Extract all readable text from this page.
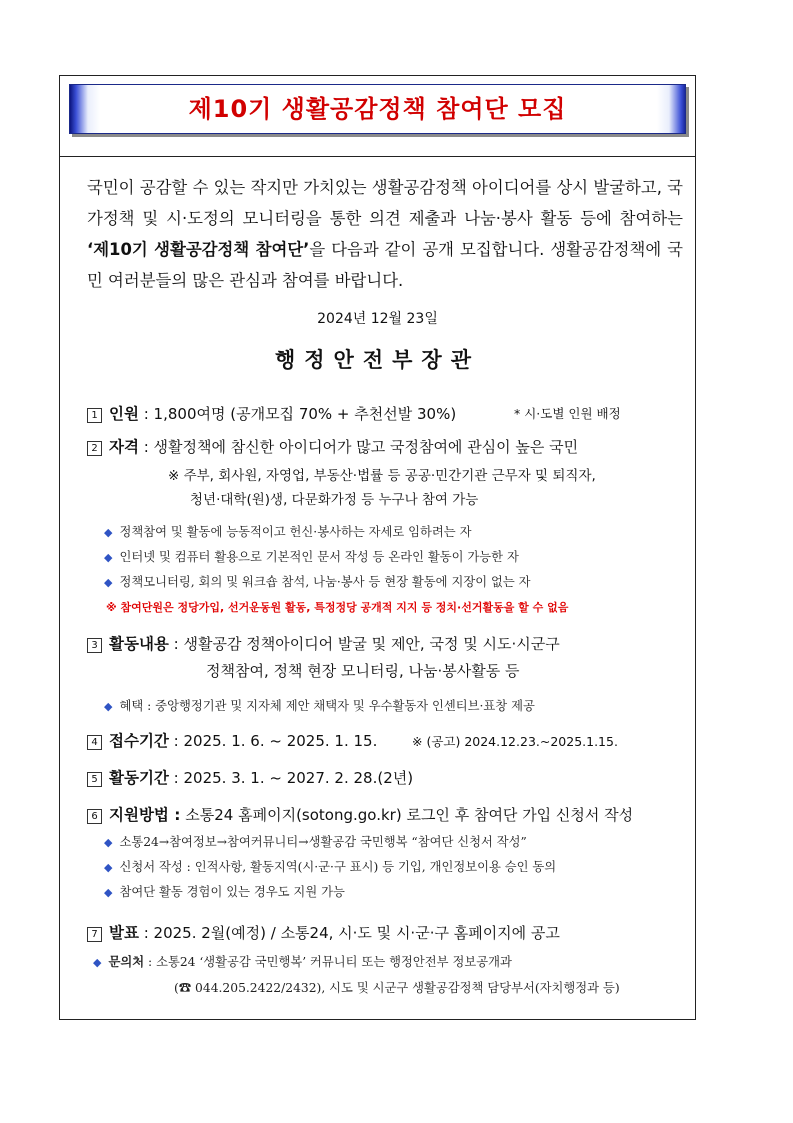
제10기 생활공감정책 참여단 모집
국민이 공감할 수 있는 작지만 가치있는 생활공감정책 아이디어를 상시 발굴하고, 국가정책 및 시·도정의 모니터링을 통한 의견 제출과 나눔·봉사 활동 등에 참여하는 ‘제10기 생활공감정책 참여단’을 다음과 같이 공개 모집합니다. 생활공감정책에 국민 여러분들의 많은 관심과 참여를 바랍니다.
2024년 12월 23일
행정안전부장관
1 인원 : 1,800여명 (공개모집 70% + 추천선발 30%)	* 시·도별 인원 배정
2 자격 : 생활정책에 참신한 아이디어가 많고 국정참여에 관심이 높은 국민
※ 주부, 회사원, 자영업, 부동산·법률 등 공공·민간기관 근무자 및 퇴직자,
청년·대학(원)생, 다문화가정 등 누구나 참여 가능
◆ 정책참여 및 활동에 능동적이고 헌신·봉사하는 자세로 임하려는 자
◆ 인터넷 및 컴퓨터 활용으로 기본적인 문서 작성 등 온라인 활동이 가능한 자
◆ 정책모니터링, 회의 및 워크숍 참석, 나눔·봉사 등 현장 활동에 지장이 없는 자
※ 참여단원은 정당가입, 선거운동원 활동, 특정정당 공개적 지지 등 정치·선거활동을 할 수 없음
3 활동내용 : 생활공감 정책아이디어 발굴 및 제안, 국정 및 시도·시군구
정책참여, 정책 현장 모니터링, 나눔·봉사활동 등
◆ 혜택 : 중앙행정기관 및 지자체 제안 채택자 및 우수활동자 인센티브·표창 제공
4 접수기간 : 2025. 1. 6. ~ 2025. 1. 15.	※ (공고) 2024.12.23.~2025.1.15.
5 활동기간 : 2025. 3. 1. ~ 2027. 2. 28.(2년)
6 지원방법 : 소통24 홈페이지(sotong.go.kr) 로그인 후 참여단 가입 신청서 작성
◆ 소통24→참여정보→참여커뮤니티→생활공감 국민행복 “참여단 신청서 작성”
◆ 신청서 작성 : 인적사항, 활동지역(시·군·구 표시) 등 기입, 개인정보이용 승인 동의
◆ 참여단 활동 경험이 있는 경우도 지원 가능
7 발표 : 2025. 2월(예정) / 소통24, 시·도 및 시·군·구 홈페이지에 공고
◆ 문의처 : 소통24 ‘생활공감 국민행복’ 커뮤니티 또는 행정안전부 정보공개과
(☎ 044.205.2422/2432), 시도 및 시군구 생활공감정책 담당부서(자치행정과 등)
